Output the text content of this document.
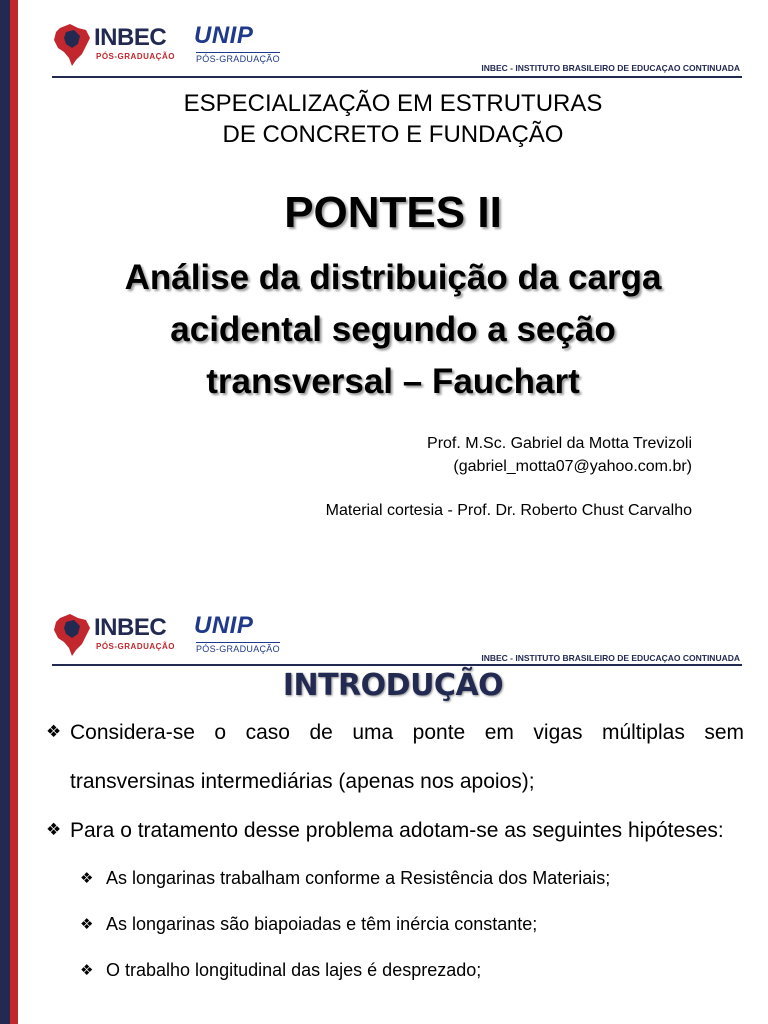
INBEC
PÓS-GRADUAÇÃO
UNIP
PÓS-GRADUAÇÃO
INBEC - INSTITUTO BRASILEIRO DE EDUCAÇAO CONTINUADA
ESPECIALIZAÇÃO EM ESTRUTURAS
DE CONCRETO E FUNDAÇÃO
PONTES II
Análise da distribuição da carga
acidental segundo a seção
transversal – Fauchart
Prof. M.Sc. Gabriel da Motta Trevizoli
(gabriel_motta07@yahoo.com.br)
Material cortesia - Prof. Dr. Roberto Chust Carvalho
INBEC
PÓS-GRADUAÇÃO
UNIP
PÓS-GRADUAÇÃO
INBEC - INSTITUTO BRASILEIRO DE EDUCAÇAO CONTINUADA
INTRODUÇÃO
❖ Considera-se o caso de uma ponte em vigas múltiplas sem transversinas intermediárias (apenas nos apoios);
❖ Para o tratamento desse problema adotam-se as seguintes hipóteses:
❖ As longarinas trabalham conforme a Resistência dos Materiais;
❖ As longarinas são biapoiadas e têm inércia constante;
❖ O trabalho longitudinal das lajes é desprezado;
